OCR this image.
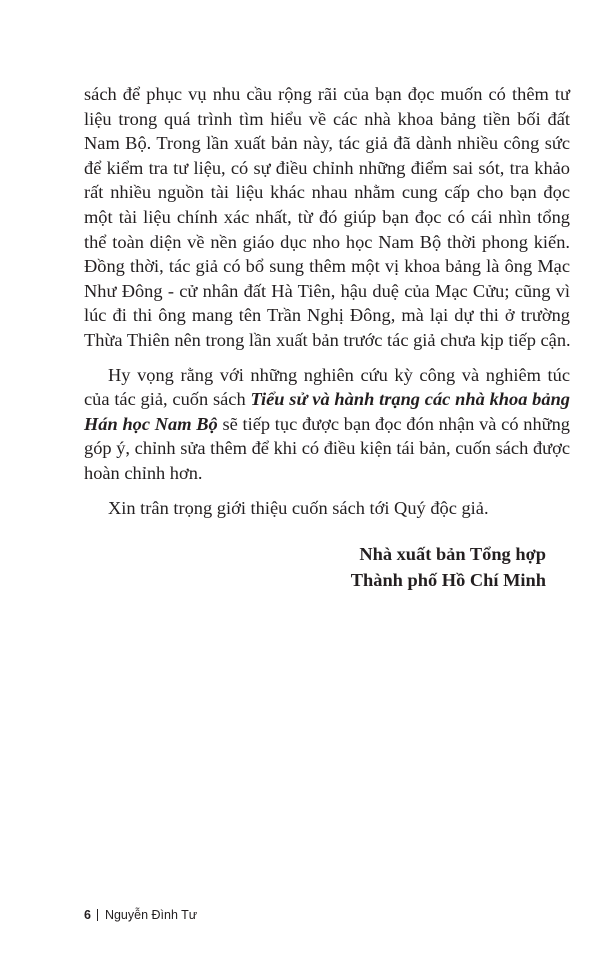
sách để phục vụ nhu cầu rộng rãi của bạn đọc muốn có thêm tư
liệu trong quá trình tìm hiểu về các nhà khoa bảng tiền bối đất
Nam Bộ. Trong lần xuất bản này, tác giả đã dành nhiều công sức
để kiểm tra tư liệu, có sự điều chỉnh những điểm sai sót, tra khảo
rất nhiều nguồn tài liệu khác nhau nhằm cung cấp cho bạn đọc
một tài liệu chính xác nhất, từ đó giúp bạn đọc có cái nhìn tổng
thể toàn diện về nền giáo dục nho học Nam Bộ thời phong kiến.
Đồng thời, tác giả có bổ sung thêm một vị khoa bảng là ông Mạc
Như Đông - cử nhân đất Hà Tiên, hậu duệ của Mạc Cửu; cũng vì
lúc đi thi ông mang tên Trần Nghị Đông, mà lại dự thi ở trường
Thừa Thiên nên trong lần xuất bản trước tác giả chưa kịp tiếp cận.

Hy vọng rằng với những nghiên cứu kỳ công và nghiêm túc
của tác giả, cuốn sách Tiểu sử và hành trạng các nhà khoa bảng
Hán học Nam Bộ sẽ tiếp tục được bạn đọc đón nhận và có những
góp ý, chỉnh sửa thêm để khi có điều kiện tái bản, cuốn sách được
hoàn chỉnh hơn.

Xin trân trọng giới thiệu cuốn sách tới Quý độc giả.

Nhà xuất bản Tổng hợp
Thành phố Hồ Chí Minh
6 Nguyễn Đình Tư
